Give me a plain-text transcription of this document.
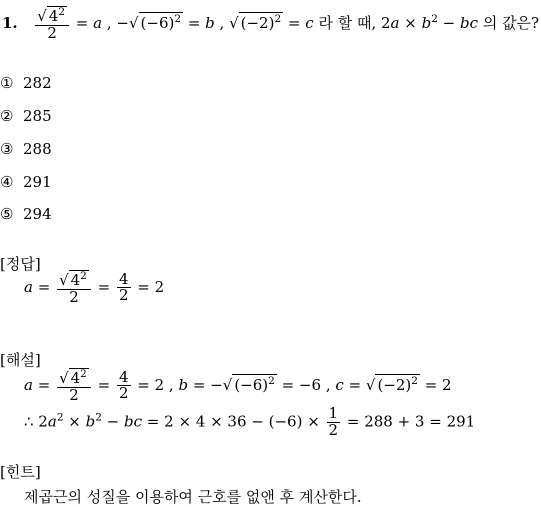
1. $\frac{√ 4^2}{2} = a$ , −√ $(-6)^2 = b$ , √ $(-2)^2 = c$ 라 할 때, $2a \times b^2$ − bc 의 값은?
① 282
② 285
③ 288
④ 291
⑤ 294
[정답]
$a = \frac{√ 4^2}{2} = \frac{4}{2} = 2$
[해설]
$a = \frac{√ 4^2}{2} = \frac{4}{2} = 2$ , b = −√ $(-6)^2 = -6$ , c = √ $(-2)^2 = 2$
∴ $2a^2 \times b^2$ − bc = $2 \times 4 \times 36 - (-6) \times \frac{1}{2} = 288 + 3 = 291$
[힌트]
제곱근의 성질을 이용하여 근호를 없앤 후 계산한다.
